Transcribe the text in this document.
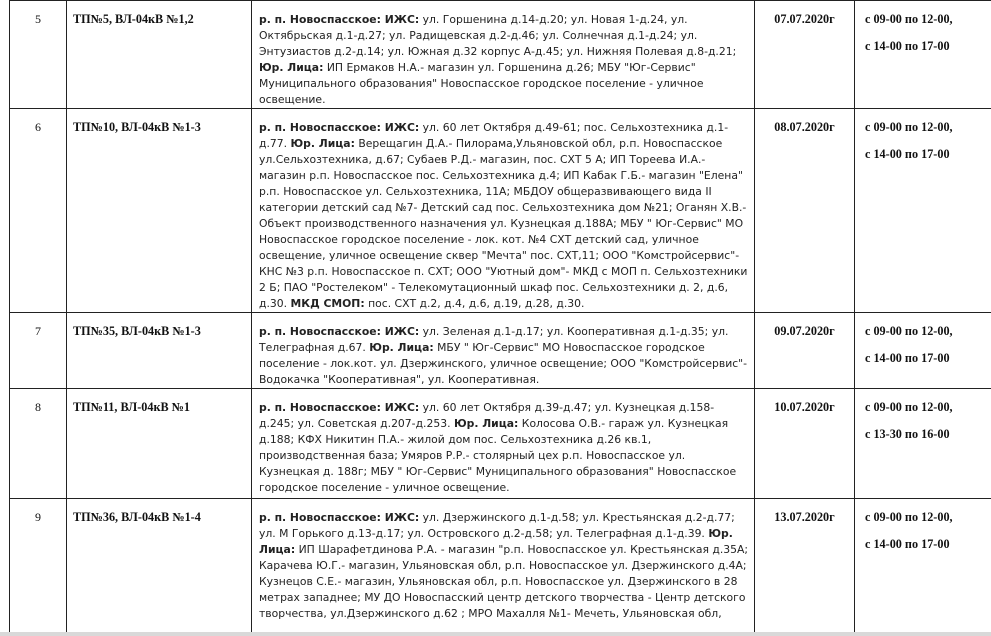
5	ТП№5, ВЛ-04кВ №1,2	р. п. Новоспасское: ИЖС: ул. Горшенина д.14-д.20; ул. Новая 1-д.24, ул. Октябрьская д.1-д.27; ул. Радищевская д.2-д.46; ул. Солнечная д.1-д.24; ул. Энтузиастов д.2-д.14; ул. Южная д.32 корпус А-д.45; ул. Нижняя Полевая д.8-д.21; Юр. Лица: ИП Ермаков Н.А.- магазин ул. Горшенина д.26; МБУ "Юг-Сервис" Муниципального образования" Новоспасское городское поселение - уличное освещение.	07.07.2020г	с 09-00 по 12-00,
с 14-00 по 17-00

6	ТП№10, ВЛ-04кВ №1-3	р. п. Новоспасское: ИЖС: ул. 60 лет Октября д.49-61; пос. Сельхозтехника д.1-д.77. Юр. Лица: Верещагин Д.А.- Пилорама,Ульяновской обл, р.п. Новоспасское ул.Сельхозтехника, д.67; Субаев Р.Д.- магазин, пос. СХТ 5 А; ИП Тореева И.А.- магазин р.п. Новоспасское пос. Сельхозтехника д.4; ИП Кабак Г.Б.- магазин "Елена" р.п. Новоспасское ул. Сельхозтехника, 11А; МБДОУ общеразвивающего вида II категории детский сад №7- Детский сад пос. Сельхозтехника дом №21; Оганян Х.В.- Объект производственного назначения ул. Кузнецкая д.188А; МБУ " Юг-Сервис" МО Новоспасское городское поселение - лок. кот. №4 СХТ детский сад, уличное освещение, уличное освещение сквер "Мечта" пос. СХТ,11; ООО "Комстройсервис"- КНС №3 р.п. Новоспасское п. СХТ; ООО "Уютный дом"- МКД с МОП п. Сельхозтехники 2 Б; ПАО "Ростелеком" - Телекомутационный шкаф пос. Сельхозтехники д. 2, д.6, д.30. МКД СМОП: пос. СХТ д.2, д.4, д.6, д.19, д.28, д.30.	08.07.2020г	с 09-00 по 12-00,
с 14-00 по 17-00

7	ТП№35, ВЛ-04кВ №1-3	р. п. Новоспасское: ИЖС: ул. Зеленая д.1-д.17; ул. Кооперативная д.1-д.35; ул. Телеграфная д.67. Юр. Лица: МБУ " Юг-Сервис" МО Новоспасское городское поселение - лок.кот. ул. Дзержинского, уличное освещение; ООО "Комстройсервис"- Водокачка "Кооперативная", ул. Кооперативная.	09.07.2020г	с 09-00 по 12-00,
с 14-00 по 17-00

8	ТП№11, ВЛ-04кВ №1	р. п. Новоспасское: ИЖС: ул. 60 лет Октября д.39-д.47; ул. Кузнецкая д.158-д.245; ул. Советская д.207-д.253. Юр. Лица: Колосова О.В.- гараж ул. Кузнецкая д.188; КФХ Никитин П.А.- жилой дом пос. Сельхозтехника д.26 кв.1, производственная база; Умяров Р.Р.- столярный цех р.п. Новоспасское ул. Кузнецкая д. 188г; МБУ " Юг-Сервис" Муниципального образования" Новоспасское городское поселение - уличное освещение.	10.07.2020г	с 09-00 по 12-00,
с 13-30 по 16-00

9	ТП№36, ВЛ-04кВ №1-4	р. п. Новоспасское: ИЖС: ул. Дзержинского д.1-д.58; ул. Крестьянская д.2-д.77; ул. М Горького д.13-д.17; ул. Островского д.2-д.58; ул. Телеграфная д.1-д.39. Юр. Лица: ИП Шарафетдинова Р.А. - магазин "р.п. Новоспасское ул. Крестьянская д.35А; Карачева Ю.Г.- магазин, Ульяновская обл, р.п. Новоспасское ул. Дзержинского д.4А; Кузнецов С.Е.- магазин, Ульяновская обл, р.п. Новоспасское ул. Дзержинского в 28 метрах западнее; МУ ДО Новоспасский центр детского творчества - Центр детского творчества, ул.Дзержинского д.62 ; МРО Махалля №1- Мечеть, Ульяновская обл,	13.07.2020г	с 09-00 по 12-00,
с 14-00 по 17-00
